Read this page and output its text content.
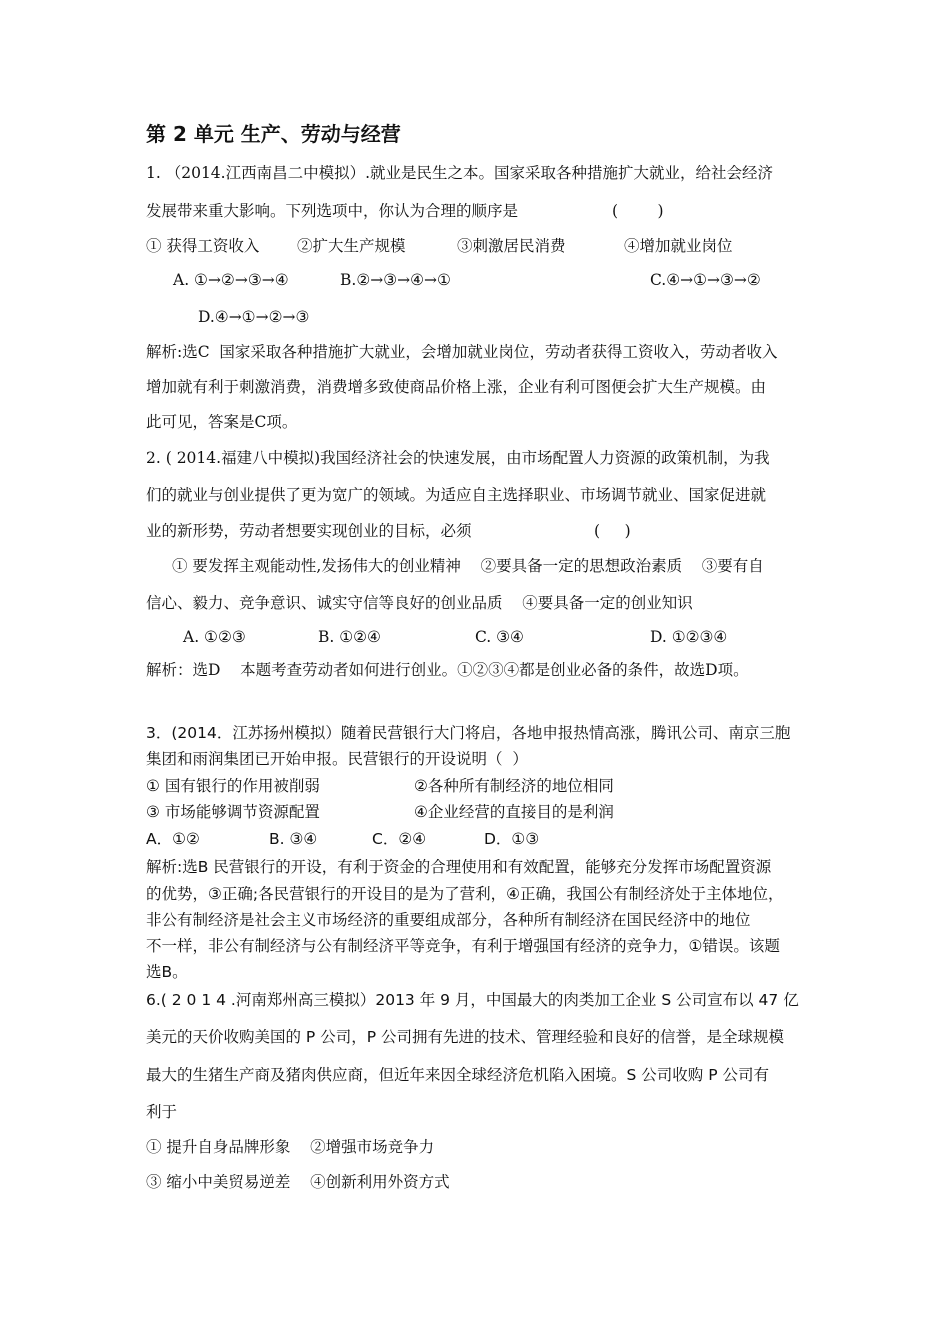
第 2 单元 生产、劳动与经营
1. （2014.江西南昌二中模拟）.就业是民生之本。国家采取各种措施扩大就业，给社会经济
发展带来重大影响。下列选项中，你认为合理的顺序是	(        )
① 获得工资收入 ②扩大生产规模	③刺激居民消费	④增加就业岗位
A. ①→②→③→④	B.②→③→④→①	C.④→①→③→②
D.④→①→②→③
解析:选C  国家采取各种措施扩大就业，会增加就业岗位，劳动者获得工资收入，劳动者收入
增加就有利于刺激消费，消费增多致使商品价格上涨，企业有利可图便会扩大生产规模。由
此可见，答案是C项。
2. ( 2014.福建八中模拟)我国经济社会的快速发展，由市场配置人力资源的政策机制，为我
们的就业与创业提供了更为宽广的领域。为适应自主选择职业、市场调节就业、国家促进就
业的新形势，劳动者想要实现创业的目标，必须	(     )
① 要发挥主观能动性,发扬伟大的创业精神    ②要具备一定的思想政治素质    ③要有自
信心、毅力、竞争意识、诚实守信等良好的创业品质    ④要具备一定的创业知识
A. ①②③	B. ①②④	C. ③④	D. ①②③④
解析：选D    本题考查劳动者如何进行创业。①②③④都是创业必备的条件，故选D项。
3．(2014．江苏扬州模拟）随着民营银行大门将启，各地申报热情高涨，腾讯公司、南京三胞
集团和雨润集团已开始申报。民营银行的开设说明（  ）
① 国有银行的作用被削弱	②各种所有制经济的地位相同
③ 市场能够调节资源配置	④企业经营的直接目的是利润
A．①②	B. ③④	C．②④	D．①③
解析:选B 民营银行的开设，有利于资金的合理使用和有效配置，能够充分发挥市场配置资源
的优势，③正确;各民营银行的开设目的是为了营利，④正确，我国公有制经济处于主体地位，
非公有制经济是社会主义市场经济的重要组成部分，各种所有制经济在国民经济中的地位
不一样，非公有制经济与公有制经济平等竞争，有利于增强国有经济的竞争力，①错误。该题
选B。
6.( 2 0 1 4 .河南郑州高三模拟）2013 年 9 月，中国最大的肉类加工企业 S 公司宣布以 47 亿
美元的天价收购美国的 P 公司，P 公司拥有先进的技术、管理经验和良好的信誉，是全球规模
最大的生猪生产商及猪肉供应商，但近年来因全球经济危机陷入困境。S 公司收购 P 公司有
利于
① 提升自身品牌形象    ②增强市场竞争力
③ 缩小中美贸易逆差    ④创新利用外资方式
